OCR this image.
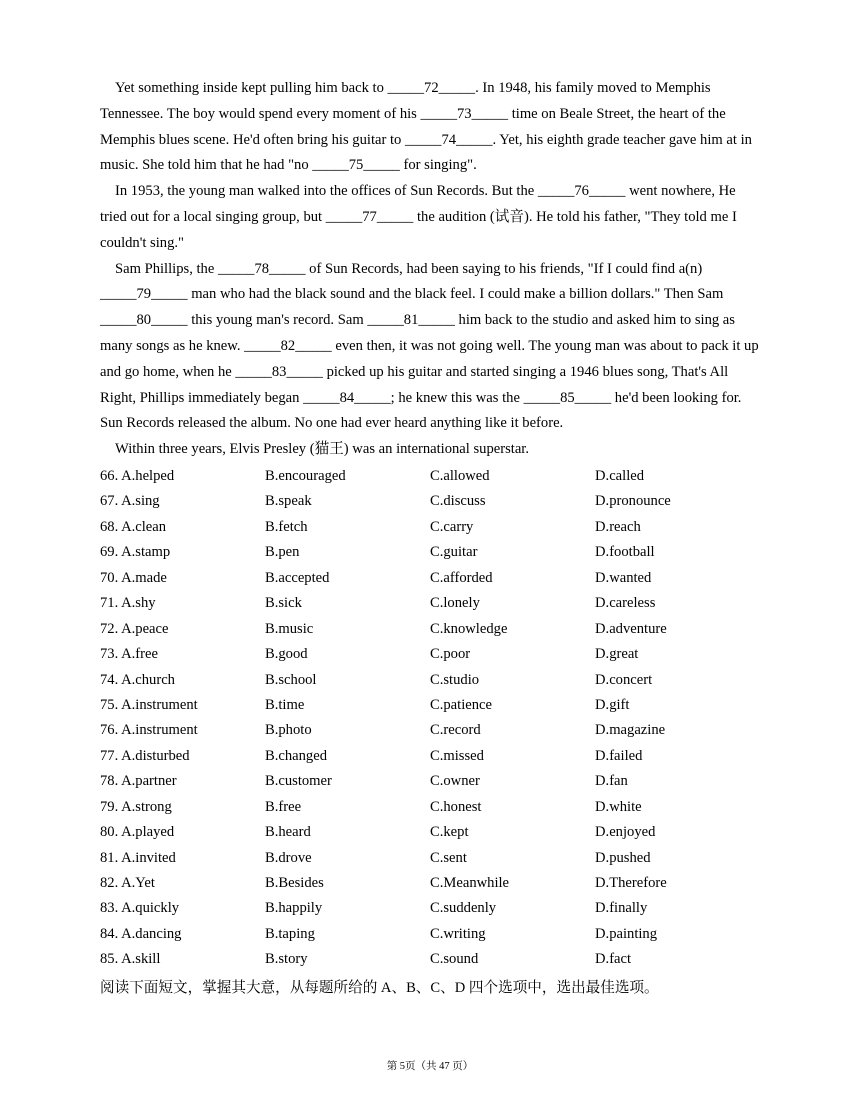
Yet something inside kept pulling him back to _____72_____. In 1948, his family moved to Memphis Tennessee. The boy would spend every moment of his _____73_____ time on Beale Street, the heart of the Memphis blues scene. He'd often bring his guitar to _____74_____. Yet, his eighth grade teacher gave him at in music. She told him that he had "no _____75_____ for singing".

In 1953, the young man walked into the offices of Sun Records. But the _____76_____ went nowhere, He tried out for a local singing group, but _____77_____ the audition (试音). He told his father, "They told me I couldn't sing."

Sam Phillips, the _____78_____ of Sun Records, had been saying to his friends, "If I could find a(n) _____79_____ man who had the black sound and the black feel. I could make a billion dollars." Then Sam _____80_____ this young man's record. Sam _____81_____ him back to the studio and asked him to sing as many songs as he knew. _____82_____ even then, it was not going well. The young man was about to pack it up and go home, when he _____83_____ picked up his guitar and started singing a 1946 blues song, That's All Right, Phillips immediately began _____84_____; he knew this was the _____85_____ he'd been looking for. Sun Records released the album. No one had ever heard anything like it before.

Within three years, Elvis Presley (猫王) was an international superstar.

66. A.helped	B.encouraged	C.allowed	D.called
67. A.sing	B.speak	C.discuss	D.pronounce
68. A.clean	B.fetch	C.carry	D.reach
69. A.stamp	B.pen	C.guitar	D.football
70. A.made	B.accepted	C.afforded	D.wanted
71. A.shy	B.sick	C.lonely	D.careless
72. A.peace	B.music	C.knowledge	D.adventure
73. A.free	B.good	C.poor	D.great
74. A.church	B.school	C.studio	D.concert
75. A.instrument	B.time	C.patience	D.gift
76. A.instrument	B.photo	C.record	D.magazine
77. A.disturbed	B.changed	C.missed	D.failed
78. A.partner	B.customer	C.owner	D.fan
79. A.strong	B.free	C.honest	D.white
80. A.played	B.heard	C.kept	D.enjoyed
81. A.invited	B.drove	C.sent	D.pushed
82. A.Yet	B.Besides	C.Meanwhile	D.Therefore
83. A.quickly	B.happily	C.suddenly	D.finally
84. A.dancing	B.taping	C.writing	D.painting
85. A.skill	B.story	C.sound	D.fact
阅读下面短文，掌握其大意，从每题所给的 A、B、C、D 四个选项中，选出最佳选项。
第 5页（共 47 页）
